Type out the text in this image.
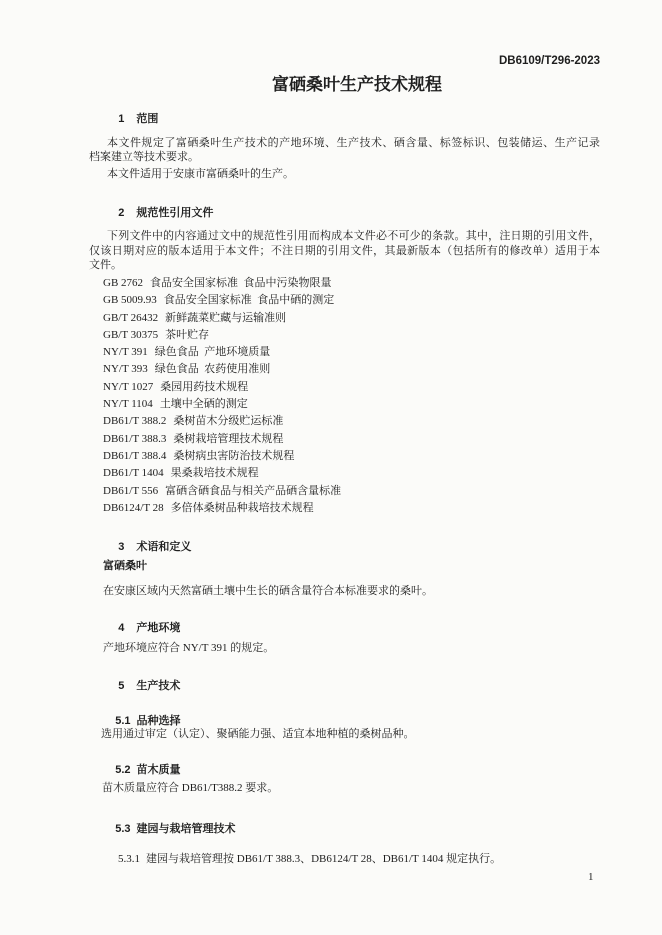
DB6109/T296-2023
富硒桑叶生产技术规程

1 范围

本文件规定了富硒桑叶生产技术的产地环境、生产技术、硒含量、标签标识、包装储运、生产记录
档案建立等技术要求。
本文件适用于安康市富硒桑叶的生产。

2 规范性引用文件

下列文件中的内容通过文中的规范性引用而构成本文件必不可少的条款。其中，注日期的引用文件，
仅该日期对应的版本适用于本文件；不注日期的引用文件，其最新版本（包括所有的修改单）适用于本
文件。
GB 2762 食品安全国家标准  食品中污染物限量
GB 5009.93 食品安全国家标准  食品中硒的测定
GB/T 26432 新鲜蔬菜贮藏与运输准则
GB/T 30375 茶叶贮存
NY/T 391 绿色食品  产地环境质量
NY/T 393 绿色食品  农药使用准则
NY/T 1027 桑园用药技术规程
NY/T 1104 土壤中全硒的测定
DB61/T 388.2 桑树苗木分级贮运标准
DB61/T 388.3 桑树栽培管理技术规程
DB61/T 388.4 桑树病虫害防治技术规程
DB61/T 1404 果桑栽培技术规程
DB61/T 556 富硒含硒食品与相关产品硒含量标准
DB6124/T 28 多倍体桑树品种栽培技术规程

3 术语和定义

富硒桑叶
在安康区域内天然富硒土壤中生长的硒含量符合本标准要求的桑叶。

4 产地环境

产地环境应符合 NY/T 391 的规定。

5 生产技术

5.1 品种选择

选用通过审定（认定）、聚硒能力强、适宜本地种植的桑树品种。

5.2 苗木质量

苗木质量应符合 DB61/T388.2 要求。

5.3 建园与栽培管理技术

5.3.1 建园与栽培管理按 DB61/T 388.3、DB6124/T 28、DB61/T 1404 规定执行。

1
